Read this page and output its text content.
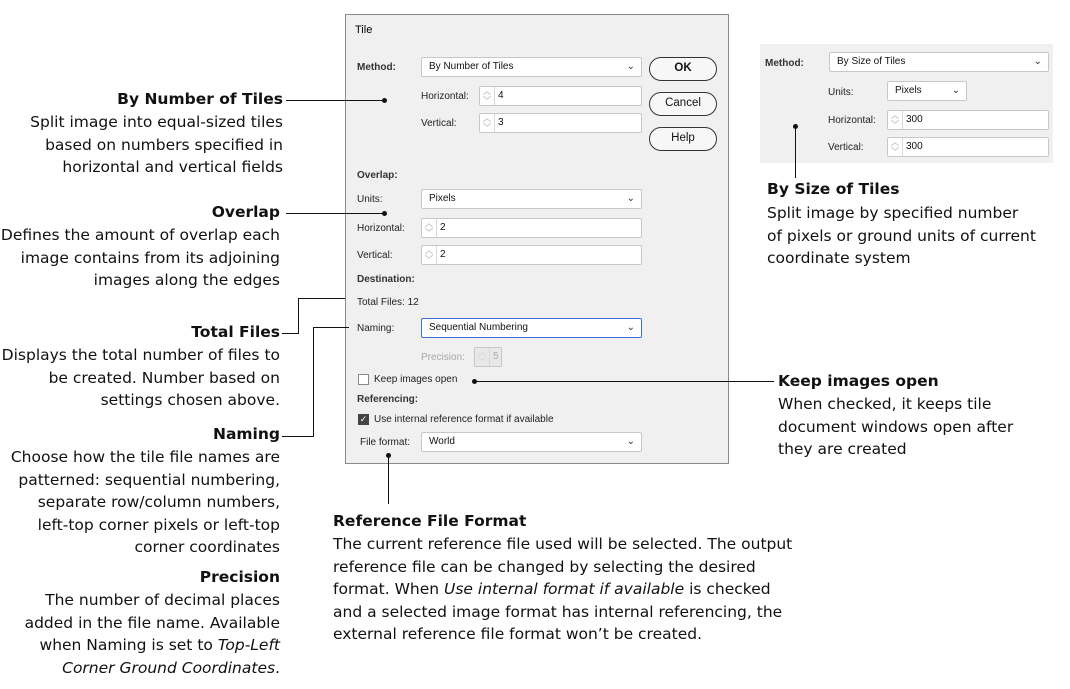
Tile
Method:	By Number of Tiles	⌄
Horizontal:	︿
﹀ 4
Vertical:	︿
﹀ 3
OK
Cancel
Help
Overlap:
Units:	Pixels	⌄
Horizontal:	︿
﹀ 2
Vertical:	︿
﹀ 2
Destination:
Total Files: 12
Naming:	Sequential Numbering	⌄
Precision:	︿
﹀ 5
Keep images open
Referencing:
✓ Use internal reference format if available
File format:	World	⌄
Method:	By Size of Tiles	⌄
Units:	Pixels	⌄
Horizontal:	︿
﹀ 300
Vertical:	︿
﹀ 300
By Number of Tiles
Split image into equal-sized tiles
based on numbers specified in
horizontal and vertical fields
Overlap
Defines the amount of overlap each
image contains from its adjoining
images along the edges
Total Files
Displays the total number of files to
be created. Number based on
settings chosen above.
Naming
Choose how the tile file names are
patterned: sequential numbering,
separate row/column numbers,
left-top corner pixels or left-top
corner coordinates
Precision
The number of decimal places
added in the file name. Available
when Naming is set to Top-Left
Corner Ground Coordinates.
By Size of Tiles
Split image by specified number
of pixels or ground units of current
coordinate system
Keep images open
When checked, it keeps tile
document windows open after
they are created
Reference File Format
The current reference file used will be selected. The output
reference file can be changed by selecting the desired
format. When Use internal format if available is checked
and a selected image format has internal referencing, the
external reference file format won’t be created.
